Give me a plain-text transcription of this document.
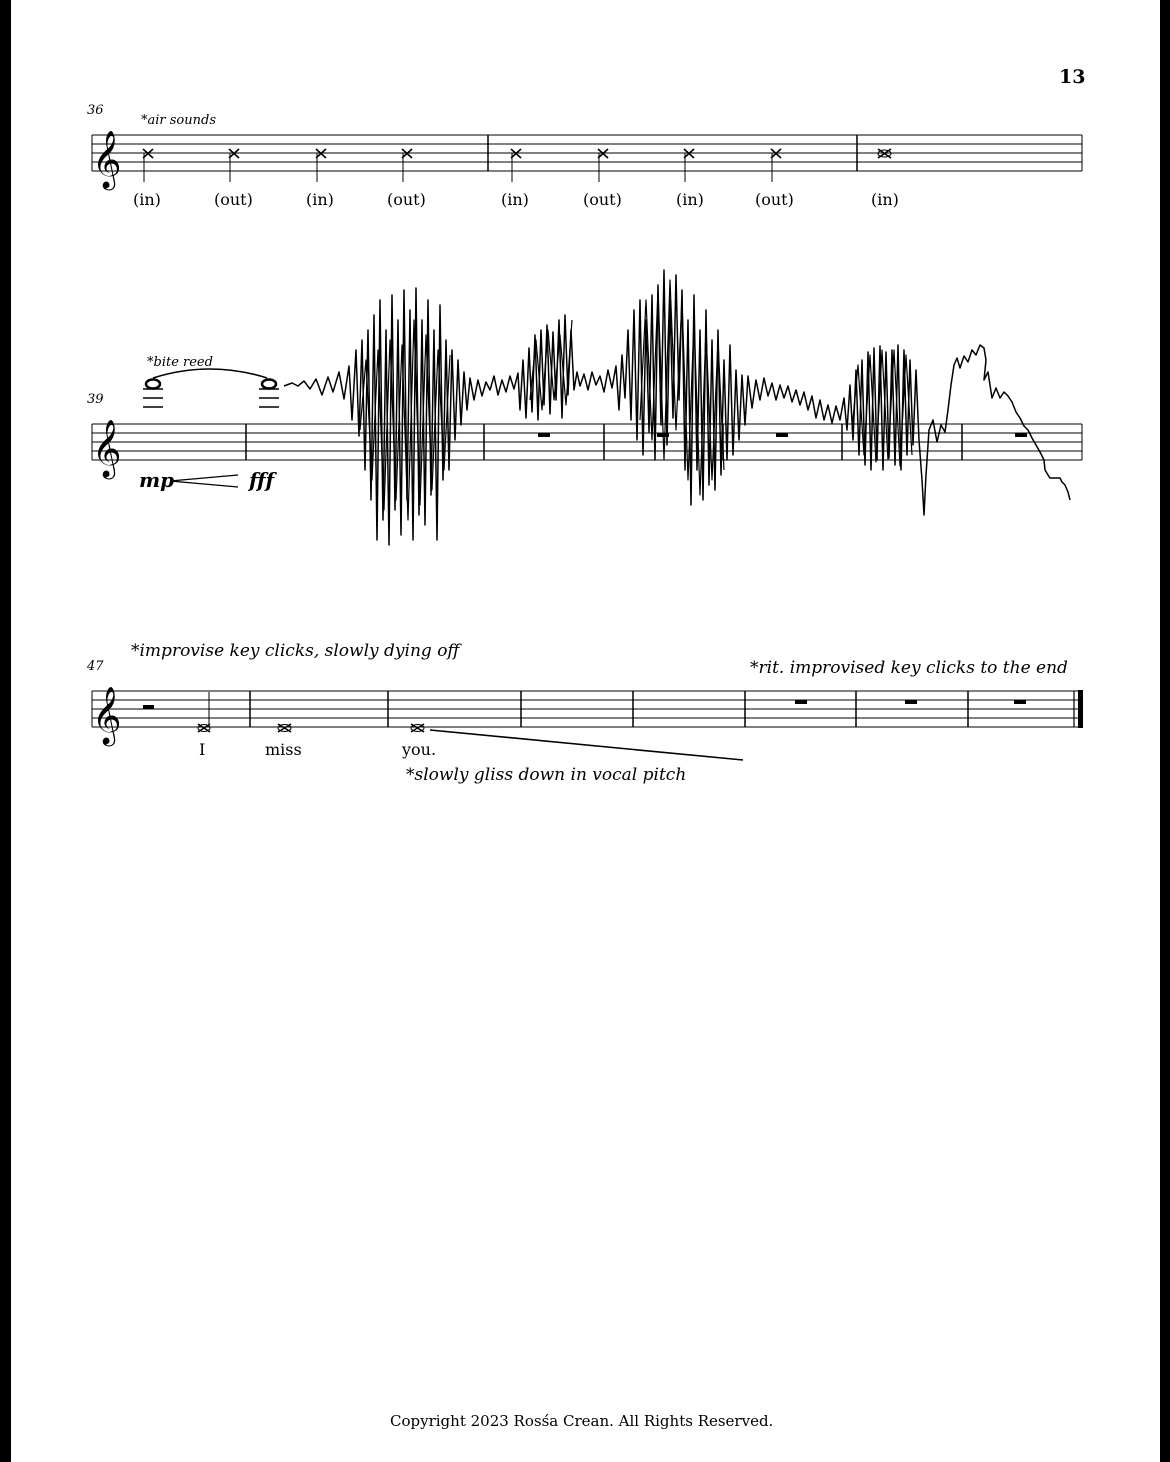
13
36
*air sounds
(in)	(out)	(in)	(out)	(in)	(out)	(in)	(out)	(in)
39
*bite reed
mp	fff
47
*improvise key clicks, slowly dying off
*rit. improvised key clicks to the end
I	miss	you.
*slowly gliss down in vocal pitch
Copyright 2023 Rosśa Crean. All Rights Reserved.
𝄞
𝄞
𝄞
